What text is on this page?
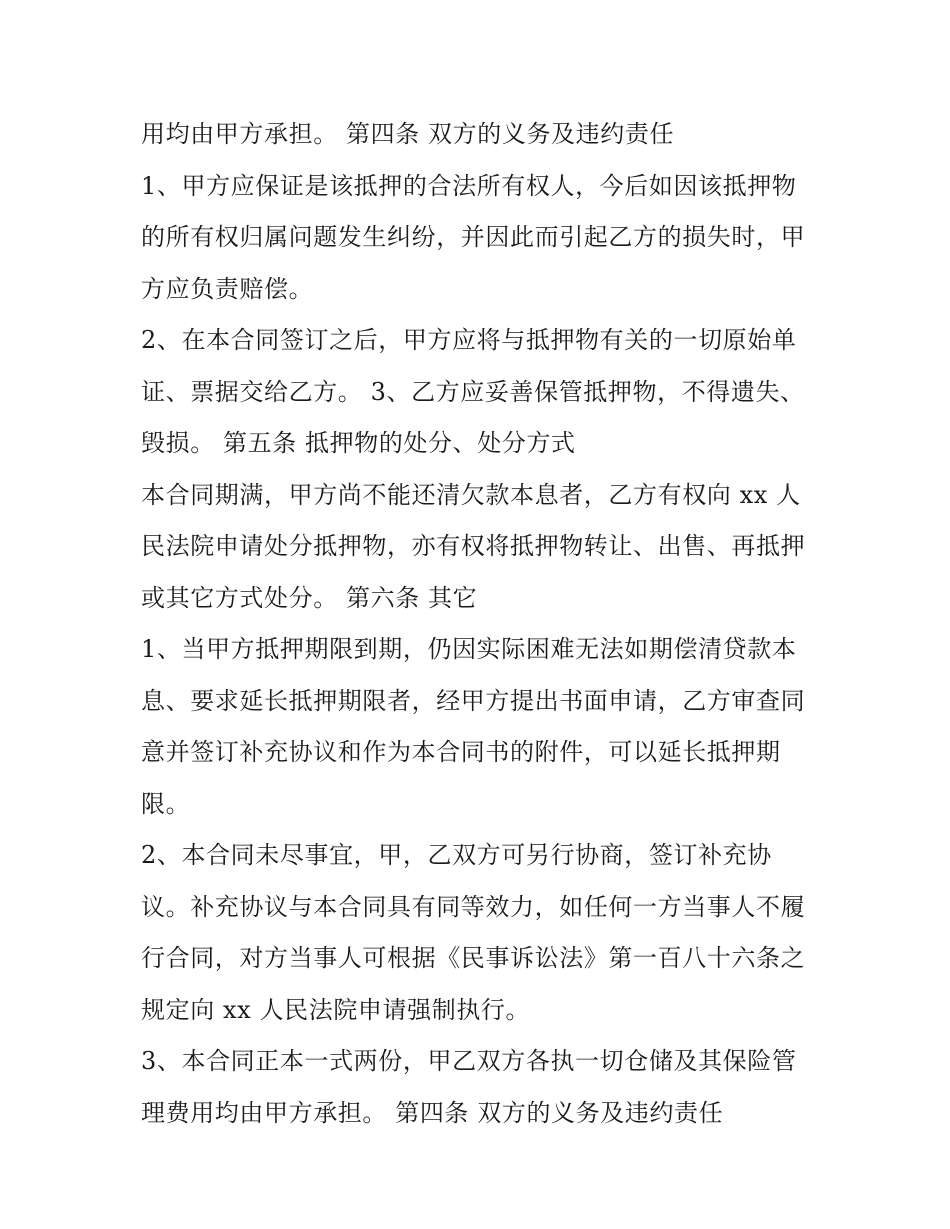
用均由甲方承担。 第四条 双方的义务及违约责任
1、甲方应保证是该抵押的合法所有权人，今后如因该抵押物
的所有权归属问题发生纠纷，并因此而引起乙方的损失时，甲
方应负责赔偿。
2、在本合同签订之后，甲方应将与抵押物有关的一切原始单
证、票据交给乙方。 3、乙方应妥善保管抵押物，不得遗失、
毁损。 第五条 抵押物的处分、处分方式
本合同期满，甲方尚不能还清欠款本息者，乙方有权向 xx 人
民法院申请处分抵押物，亦有权将抵押物转让、出售、再抵押
或其它方式处分。 第六条 其它
1、当甲方抵押期限到期，仍因实际困难无法如期偿清贷款本
息、要求延长抵押期限者，经甲方提出书面申请，乙方审查同
意并签订补充协议和作为本合同书的附件，可以延长抵押期
限。
2、本合同未尽事宜，甲，乙双方可另行协商，签订补充协
议。补充协议与本合同具有同等效力，如任何一方当事人不履
行合同，对方当事人可根据《民事诉讼法》第一百八十六条之
规定向 xx 人民法院申请强制执行。
3、本合同正本一式两份，甲乙双方各执一切仓储及其保险管
理费用均由甲方承担。 第四条 双方的义务及违约责任
